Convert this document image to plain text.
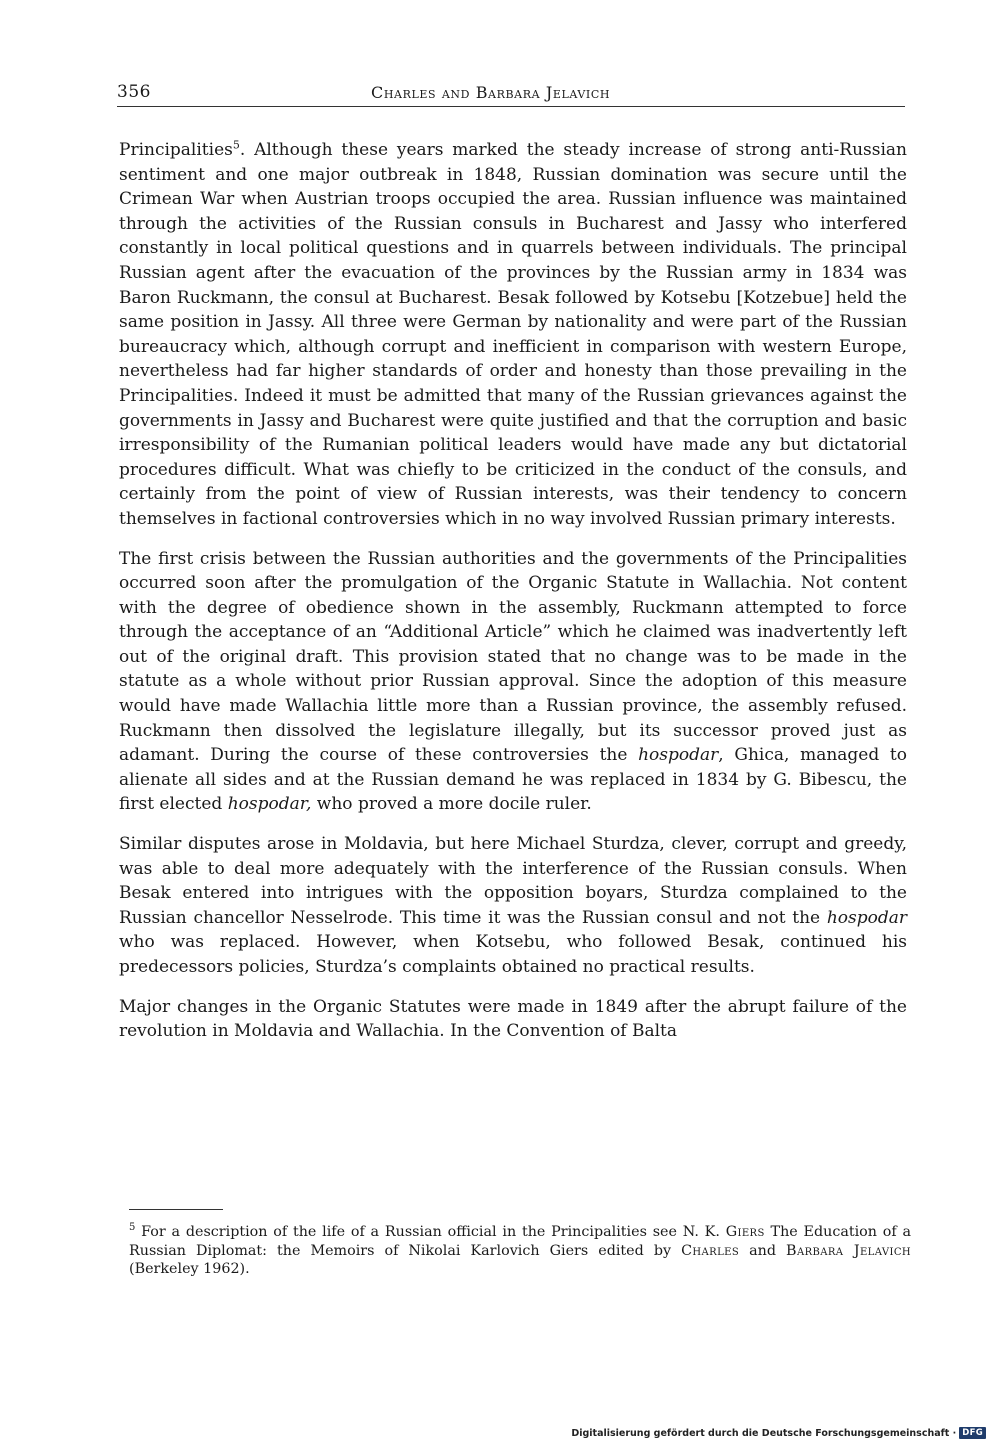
356	Charles and Barbara Jelavich

Principalities$^5$. Although these years marked the steady increase of strong anti-Russian sentiment and one major outbreak in 1848, Russian domination was secure until the Crimean War when Austrian troops occupied the area. Russian influence was maintained through the activities of the Russian consuls in Bucharest and Jassy who interfered constantly in local political questions and in quarrels between individuals. The principal Russian agent after the evacuation of the provinces by the Russian army in 1834 was Baron Ruckmann, the consul at Bucharest. Besak followed by Kotsebu [Kotzebue] held the same position in Jassy. All three were German by nationality and were part of the Russian bureaucracy which, although corrupt and inefficient in comparison with western Europe, nevertheless had far higher standards of order and honesty than those prevailing in the Principalities. Indeed it must be admitted that many of the Russian grievances against the governments in Jassy and Bucharest were quite justified and that the corruption and basic irresponsibility of the Rumanian political leaders would have made any but dictatorial procedures difficult. What was chiefly to be criticized in the conduct of the consuls, and certainly from the point of view of Russian interests, was their tendency to concern themselves in factional controversies which in no way involved Russian primary interests.

The first crisis between the Russian authorities and the governments of the Principalities occurred soon after the promulgation of the Organic Statute in Wallachia. Not content with the degree of obedience shown in the assembly, Ruckmann attempted to force through the acceptance of an “Additional Article” which he claimed was inadvertently left out of the original draft. This provision stated that no change was to be made in the statute as a whole without prior Russian approval. Since the adoption of this measure would have made Wallachia little more than a Russian province, the assembly refused. Ruckmann then dissolved the legislature illegally, but its successor proved just as adamant. During the course of these controversies the hospodar, Ghica, managed to alienate all sides and at the Russian demand he was replaced in 1834 by G. Bibescu, the first elected hospodar, who proved a more docile ruler.

Similar disputes arose in Moldavia, but here Michael Sturdza, clever, corrupt and greedy, was able to deal more adequately with the interference of the Russian consuls. When Besak entered into intrigues with the opposition boyars, Sturdza complained to the Russian chancellor Nesselrode. This time it was the Russian consul and not the hospodar who was replaced. However, when Kotsebu, who followed Besak, continued his predecessors policies, Sturdza’s complaints obtained no practical results.

Major changes in the Organic Statutes were made in 1849 after the abrupt failure of the revolution in Moldavia and Wallachia. In the Convention of Balta

$^5$ For a description of the life of a Russian official in the Principalities see N. K. Giers The Education of a Russian Diplomat: the Memoirs of Nikolai Karlovich Giers edited by Charles and Barbara Jelavich (Berkeley 1962).

Digitalisierung gefördert durch die Deutsche Forschungsgemeinschaft · DFG
